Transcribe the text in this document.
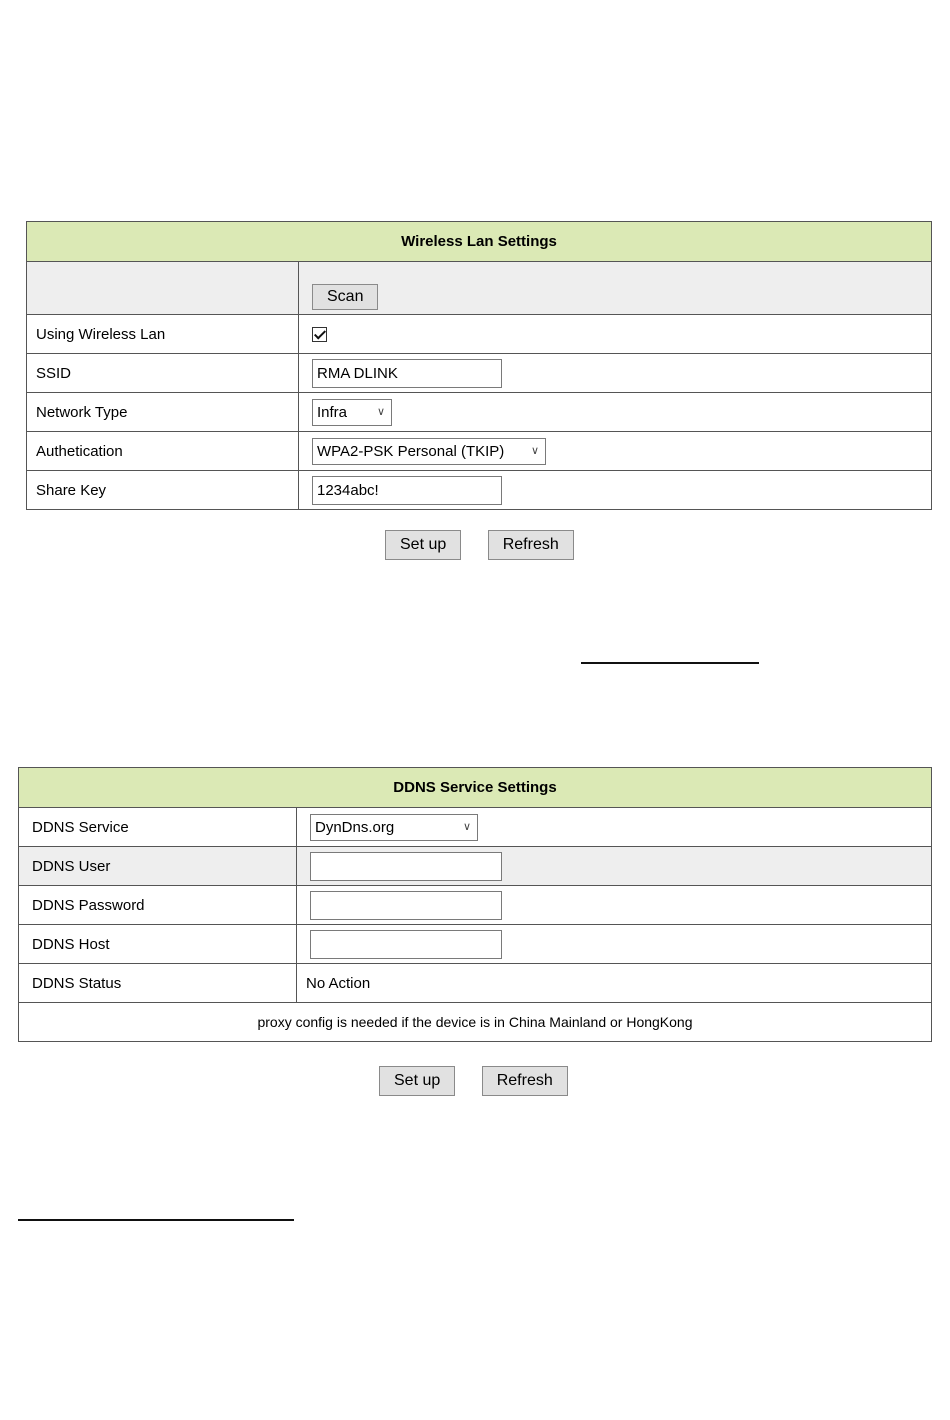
Wireless Lan Settings	
	Scan
Using Wireless Lan	
SSID	RMA DLINK
Network Type	Infra ∨

Authetication	WPA2-PSK Personal (TKIP) ∨

Share Key	1234abc!
Set up	Refresh
DDNS Service Settings	
DDNS Service	DynDns.org ∨

DDNS User	
DDNS Password	
DDNS Host	
DDNS Status	No Action
proxy config is needed if the device is in China Mainland or HongKong	
Set up	Refresh
